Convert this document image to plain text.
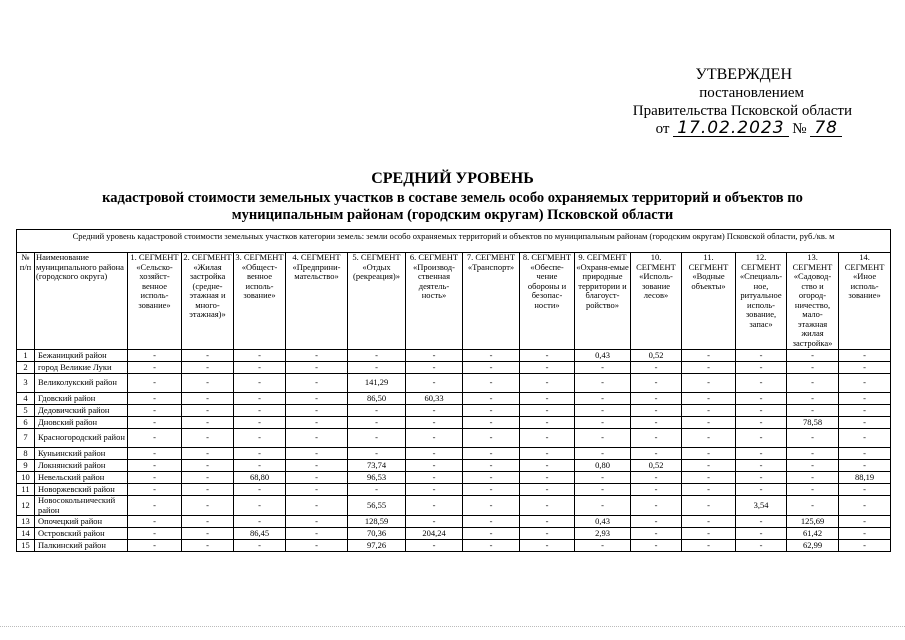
УТВЕРЖДЕН
постановлением
Правительства Псковской области
от 17.02.2023 № 78
СРЕДНИЙ УРОВЕНЬ
кадастровой стоимости земельных участков в составе земель особо охраняемых территорий и объектов по
муниципальным районам (городским округам) Псковской области
Средний уровень кадастровой стоимости земельных участков категории земель: земли особо охраняемых территорий и объектов по муниципальным районам (городским округам) Псковской области, руб./кв. м															
№ п/п	Наименование муниципального района (городского округа)	1. СЕГМЕНТ «Сельско-хозяйст-венное исполь-зование»	2. СЕГМЕНТ «Жилая застройка (средне-этажная и много-этажная)»	3. СЕГМЕНТ «Общест-венное исполь-зование»	4. СЕГМЕНТ «Предприни-мательство»	5. СЕГМЕНТ «Отдых (рекреация)»	6. СЕГМЕНТ «Производ-ственная деятель-ность»	7. СЕГМЕНТ «Транспорт»	8. СЕГМЕНТ «Обеспе-чение обороны и безопас-ности»	9. СЕГМЕНТ «Охраня-емые природные территории и благоуст-ройство»	10. СЕГМЕНТ «Исполь-зование лесов»	11. СЕГМЕНТ «Водные объекты»	12. СЕГМЕНТ «Специаль-ное, ритуальное исполь-зование, запас»	13. СЕГМЕНТ «Садовод-ство и огород-ничество, мало-этажная жилая застройка»	14. СЕГМЕНТ «Иное исполь-зование»
1	Бежаницкий район	-	-	-	-	-	-	-	-	0,43	0,52	-	-	-	-
2	город Великие Луки	-	-	-	-	-	-	-	-	-	-	-	-	-	-
3	Великолукский район	-	-	-	-	141,29	-	-	-	-	-	-	-	-	-
4	Гдовский район	-	-	-	-	86,50	60,33	-	-	-	-	-	-	-	-
5	Дедовичский район	-	-	-	-	-	-	-	-	-	-	-	-	-	-
6	Дновский район	-	-	-	-	-	-	-	-	-	-	-	-	78,58	-
7	Красногородский район	-	-	-	-	-	-	-	-	-	-	-	-	-	-
8	Куньинский район	-	-	-	-	-	-	-	-	-	-	-	-	-	-
9	Локнянский район	-	-	-	-	73,74	-	-	-	0,80	0,52	-	-	-	-
10	Невельский район	-	-	68,80	-	96,53	-	-	-	-	-	-	-	-	88,19
11	Новоржевский район	-	-	-	-	-	-	-	-	-	-	-	-	-	-
12	Новосокольнический район	-	-	-	-	56,55	-	-	-	-	-	-	3,54	-	-
13	Опочецкий район	-	-	-	-	128,59	-	-	-	0,43	-	-	-	125,69	-
14	Островский район	-	-	86,45	-	70,36	204,24	-	-	2,93	-	-	-	61,42	-
15	Палкинский район	-	-	-	-	97,26	-	-	-	-	-	-	-	62,99	-
